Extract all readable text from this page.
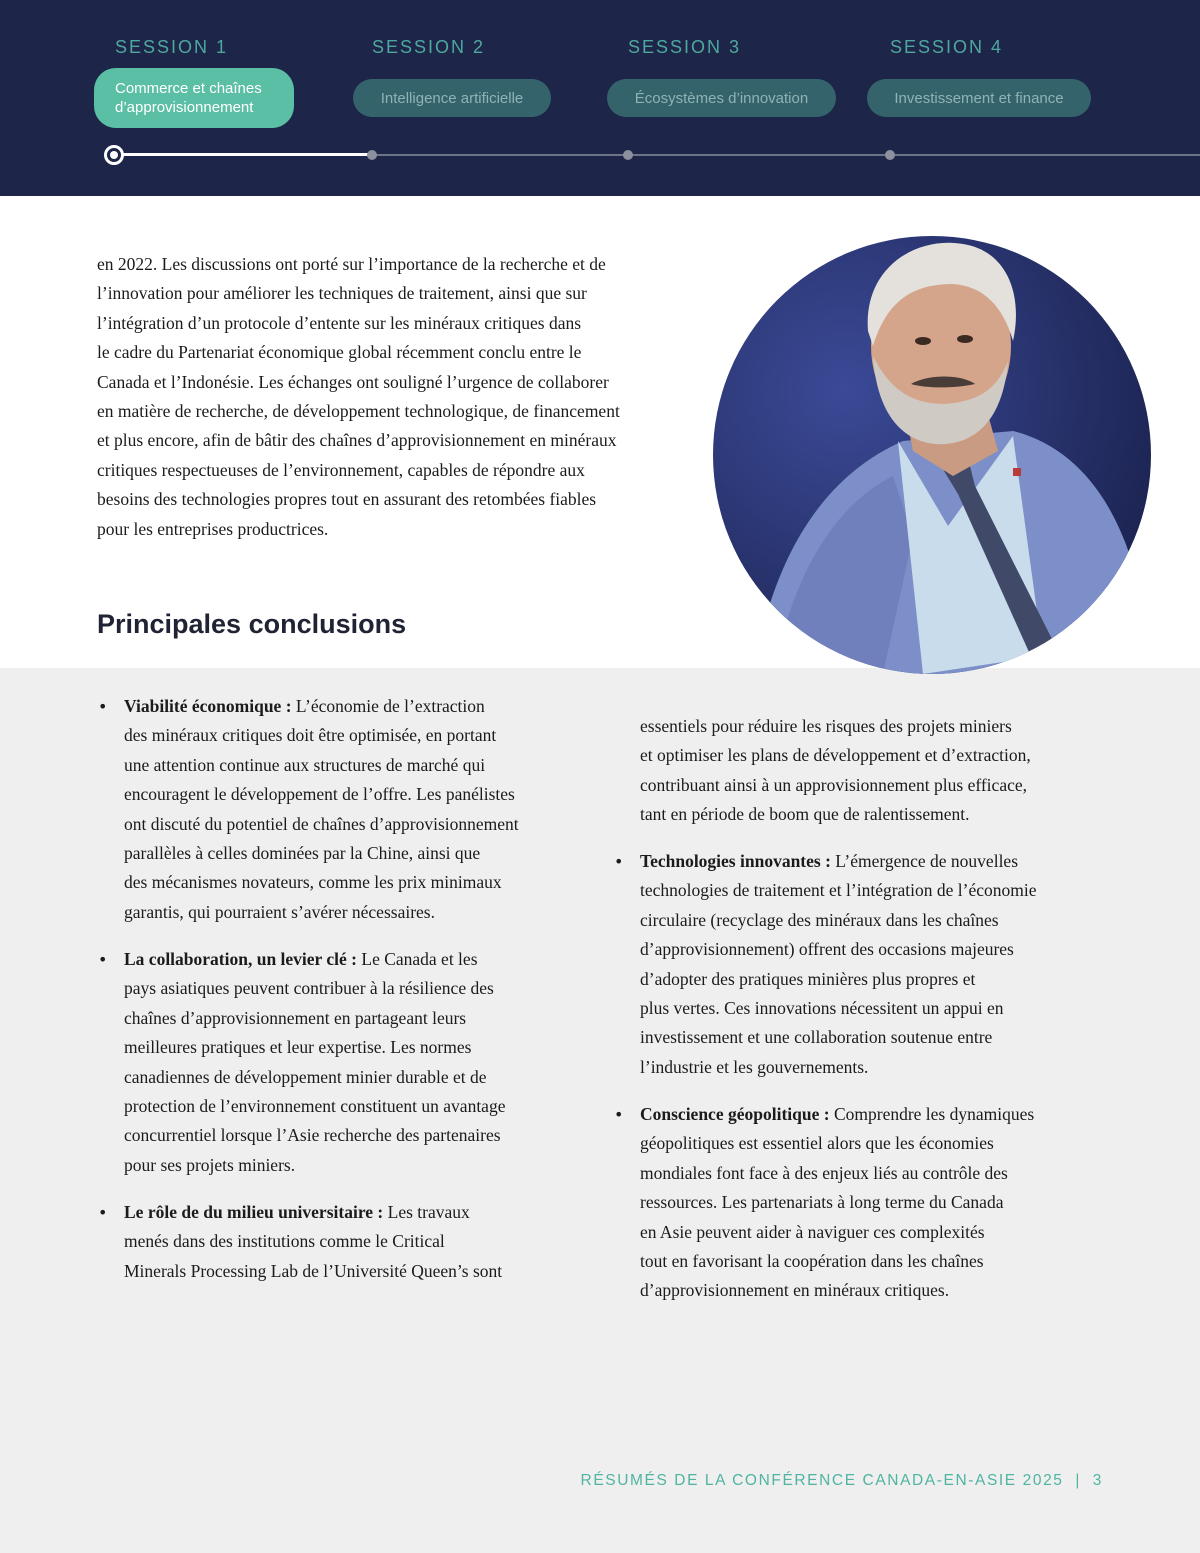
SESSION 1	SESSION 2	SESSION 3	SESSION 4
Commerce et chaînes
d’approvisionnement
Intelligence artificielle	Écosystèmes d’innovation	Investissement et finance
en 2022. Les discussions ont porté sur l’importance de la recherche et de
l’innovation pour améliorer les techniques de traitement, ainsi que sur
l’intégration d’un protocole d’entente sur les minéraux critiques dans
le cadre du Partenariat économique global récemment conclu entre le
Canada et l’Indonésie. Les échanges ont souligné l’urgence de collaborer
en matière de recherche, de développement technologique, de financement
et plus encore, afin de bâtir des chaînes d’approvisionnement en minéraux
critiques respectueuses de l’environnement, capables de répondre aux
besoins des technologies propres tout en assurant des retombées fiables
pour les entreprises productrices.
Principales conclusions
• Viabilité économique : L’économie de l’extraction
des minéraux critiques doit être optimisée, en portant
une attention continue aux structures de marché qui
encouragent le développement de l’offre. Les panélistes
ont discuté du potentiel de chaînes d’approvisionnement
parallèles à celles dominées par la Chine, ainsi que
des mécanismes novateurs, comme les prix minimaux
garantis, qui pourraient s’avérer nécessaires.
• La collaboration, un levier clé : Le Canada et les
pays asiatiques peuvent contribuer à la résilience des
chaînes d’approvisionnement en partageant leurs
meilleures pratiques et leur expertise. Les normes
canadiennes de développement minier durable et de
protection de l’environnement constituent un avantage
concurrentiel lorsque l’Asie recherche des partenaires
pour ses projets miniers.
• Le rôle de du milieu universitaire : Les travaux
menés dans des institutions comme le Critical
Minerals Processing Lab de l’Université Queen’s sont
essentiels pour réduire les risques des projets miniers
et optimiser les plans de développement et d’extraction,
contribuant ainsi à un approvisionnement plus efficace,
tant en période de boom que de ralentissement.
• Technologies innovantes : L’émergence de nouvelles
technologies de traitement et l’intégration de l’économie
circulaire (recyclage des minéraux dans les chaînes
d’approvisionnement) offrent des occasions majeures
d’adopter des pratiques minières plus propres et
plus vertes. Ces innovations nécessitent un appui en
investissement et une collaboration soutenue entre
l’industrie et les gouvernements.
• Conscience géopolitique : Comprendre les dynamiques
géopolitiques est essentiel alors que les économies
mondiales font face à des enjeux liés au contrôle des
ressources. Les partenariats à long terme du Canada
en Asie peuvent aider à naviguer ces complexités
tout en favorisant la coopération dans les chaînes
d’approvisionnement en minéraux critiques.
RÉSUMÉS DE LA CONFÉRENCE CANADA-EN-ASIE 2025  |  3
